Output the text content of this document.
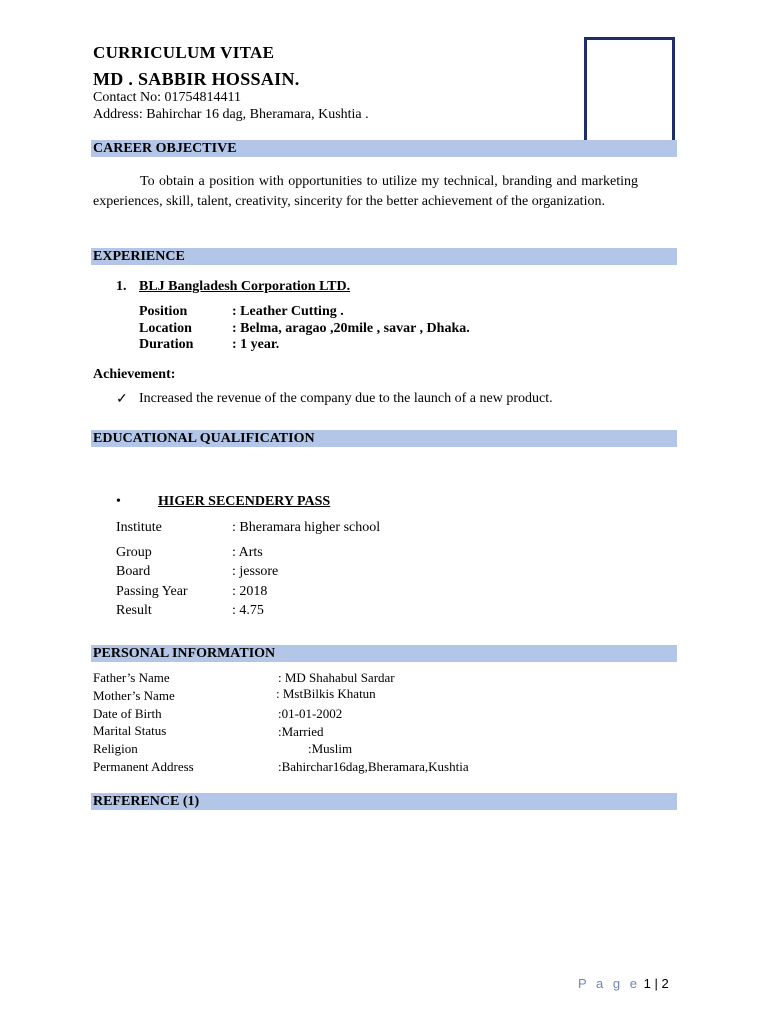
CURRICULUM VITAE
MD . SABBIR HOSSAIN.
Contact No: 01754814411
Address: Bahirchar 16 dag, Bheramara, Kushtia .
CAREER OBJECTIVE
To obtain a position with opportunities to utilize my technical, branding and marketing experiences, skill, talent, creativity, sincerity for the better achievement of the organization.
EXPERIENCE
1. BLJ Bangladesh Corporation LTD.
Position	: Leather Cutting .
Location	: Belma, aragao ,20mile , savar , Dhaka.
Duration	: 1 year.
Achievement:
✓ Increased the revenue of the company due to the launch of a new product.
EDUCATIONAL QUALIFICATION
•	HIGER SECENDERY PASS
Institute	: Bheramara higher school
Group	: Arts
Board	: jessore
Passing Year	: 2018
Result	: 4.75
PERSONAL INFORMATION
Father’s Name	: MD Shahabul Sardar
Mother’s Name	: MstBilkis Khatun
Date of Birth	:01-01-2002
Marital Status	:Married
Religion	:Muslim
Permanent Address	:Bahirchar16dag,Bheramara,Kushtia
REFERENCE (1)
P a g e 1 | 2
